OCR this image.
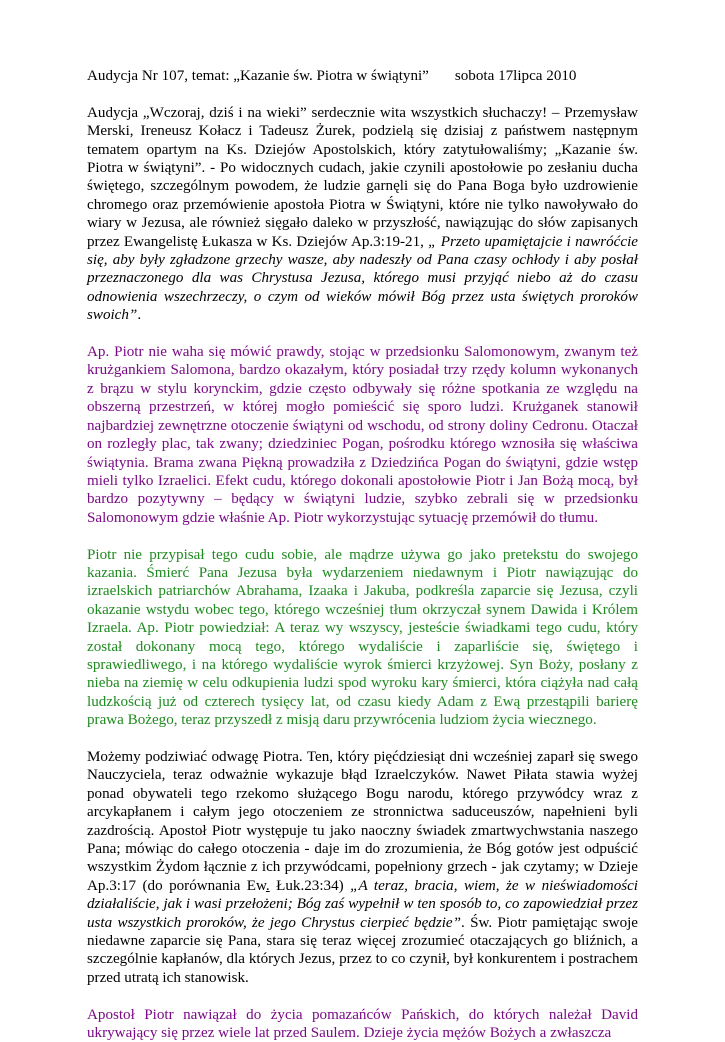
Audycja Nr 107, temat: „Kazanie św. Piotra w świątyni” sobota 17lipca 2010

Audycja „Wczoraj, dziś i na wieki” serdecznie wita wszystkich słuchaczy! – Przemysław Merski, Ireneusz Kołacz i Tadeusz Żurek, podzielą się dzisiaj z państwem następnym tematem opartym na Ks. Dziejów Apostolskich, który zatytułowaliśmy; „Kazanie św. Piotra w świątyni”. - Po widocznych cudach, jakie czynili apostołowie po zesłaniu ducha świętego, szczególnym powodem, że ludzie garnęli się do Pana Boga było uzdrowienie chromego oraz przemówienie apostoła Piotra w Świątyni, które nie tylko nawoływało do wiary w Jezusa, ale również sięgało daleko w przyszłość, nawiązując do słów zapisanych przez Ewangelistę Łukasza w Ks. Dziejów Ap.3:19-21, „ Przeto upamiętajcie i nawróćcie się, aby były zgładzone grzechy wasze, aby nadeszły od Pana czasy ochłody i aby posłał przeznaczonego dla was Chrystusa Jezusa, którego musi przyjąć niebo aż do czasu odnowienia wszechrzeczy, o czym od wieków mówił Bóg przez usta świętych proroków swoich”.

Ap. Piotr nie waha się mówić prawdy, stojąc w przedsionku Salomonowym, zwanym też krużgankiem Salomona, bardzo okazałym, który posiadał trzy rzędy kolumn wykonanych z brązu w stylu korynckim, gdzie często odbywały się różne spotkania ze względu na obszerną przestrzeń, w której mogło pomieścić się sporo ludzi. Krużganek stanowił najbardziej zewnętrzne otoczenie świątyni od wschodu, od strony doliny Cedronu. Otaczał on rozległy plac, tak zwany; dziedziniec Pogan, pośrodku którego wznosiła się właściwa świątynia. Brama zwana Piękną prowadziła z Dziedzińca Pogan do świątyni, gdzie wstęp mieli tylko Izraelici. Efekt cudu, którego dokonali apostołowie Piotr i Jan Bożą mocą, był bardzo pozytywny – będący w świątyni ludzie, szybko zebrali się w przedsionku Salomonowym gdzie właśnie Ap. Piotr wykorzystując sytuację przemówił do tłumu.

Piotr nie przypisał tego cudu sobie, ale mądrze używa go jako pretekstu do swojego kazania. Śmierć Pana Jezusa była wydarzeniem niedawnym i Piotr nawiązując do izraelskich patriarchów Abrahama, Izaaka i Jakuba, podkreśla zaparcie się Jezusa, czyli okazanie wstydu wobec tego, którego wcześniej tłum okrzyczał synem Dawida i Królem Izraela. Ap. Piotr powiedział: A teraz wy wszyscy, jesteście świadkami tego cudu, który został dokonany mocą tego, którego wydaliście i zaparliście się, świętego i sprawiedliwego, i na którego wydaliście wyrok śmierci krzyżowej. Syn Boży, posłany z nieba na ziemię w celu odkupienia ludzi spod wyroku kary śmierci, która ciążyła nad całą ludzkością już od czterech tysięcy lat, od czasu kiedy Adam z Ewą przestąpili barierę prawa Bożego, teraz przyszedł z misją daru przywrócenia ludziom życia wiecznego.

Możemy podziwiać odwagę Piotra. Ten, który pięćdziesiąt dni wcześniej zaparł się swego Nauczyciela, teraz odważnie wykazuje błąd Izraelczyków. Nawet Piłata stawia wyżej ponad obywateli tego rzekomo służącego Bogu narodu, którego przywódcy wraz z arcykapłanem i całym jego otoczeniem ze stronnictwa saduceuszów, napełnieni byli zazdrością. Apostoł Piotr występuje tu jako naoczny świadek zmartwychwstania naszego Pana; mówiąc do całego otoczenia - daje im do zrozumienia, że Bóg gotów jest odpuścić wszystkim Żydom łącznie z ich przywódcami, popełniony grzech - jak czytamy; w Dzieje Ap.3:17 (do porównania Ew. Łuk.23:34) „A teraz, bracia, wiem, że w nieświadomości działaliście, jak i wasi przełożeni; Bóg zaś wypełnił w ten sposób to, co zapowiedział przez usta wszystkich proroków, że jego Chrystus cierpieć będzie”. Św. Piotr pamiętając swoje niedawne zaparcie się Pana, stara się teraz więcej zrozumieć otaczających go bliźnich, a szczególnie kapłanów, dla których Jezus, przez to co czynił, był konkurentem i postrachem przed utratą ich stanowisk.

Apostoł Piotr nawiązał do życia pomazańców Pańskich, do których należał David ukrywający się przez wiele lat przed Saulem. Dzieje życia mężów Bożych a zwłaszcza
